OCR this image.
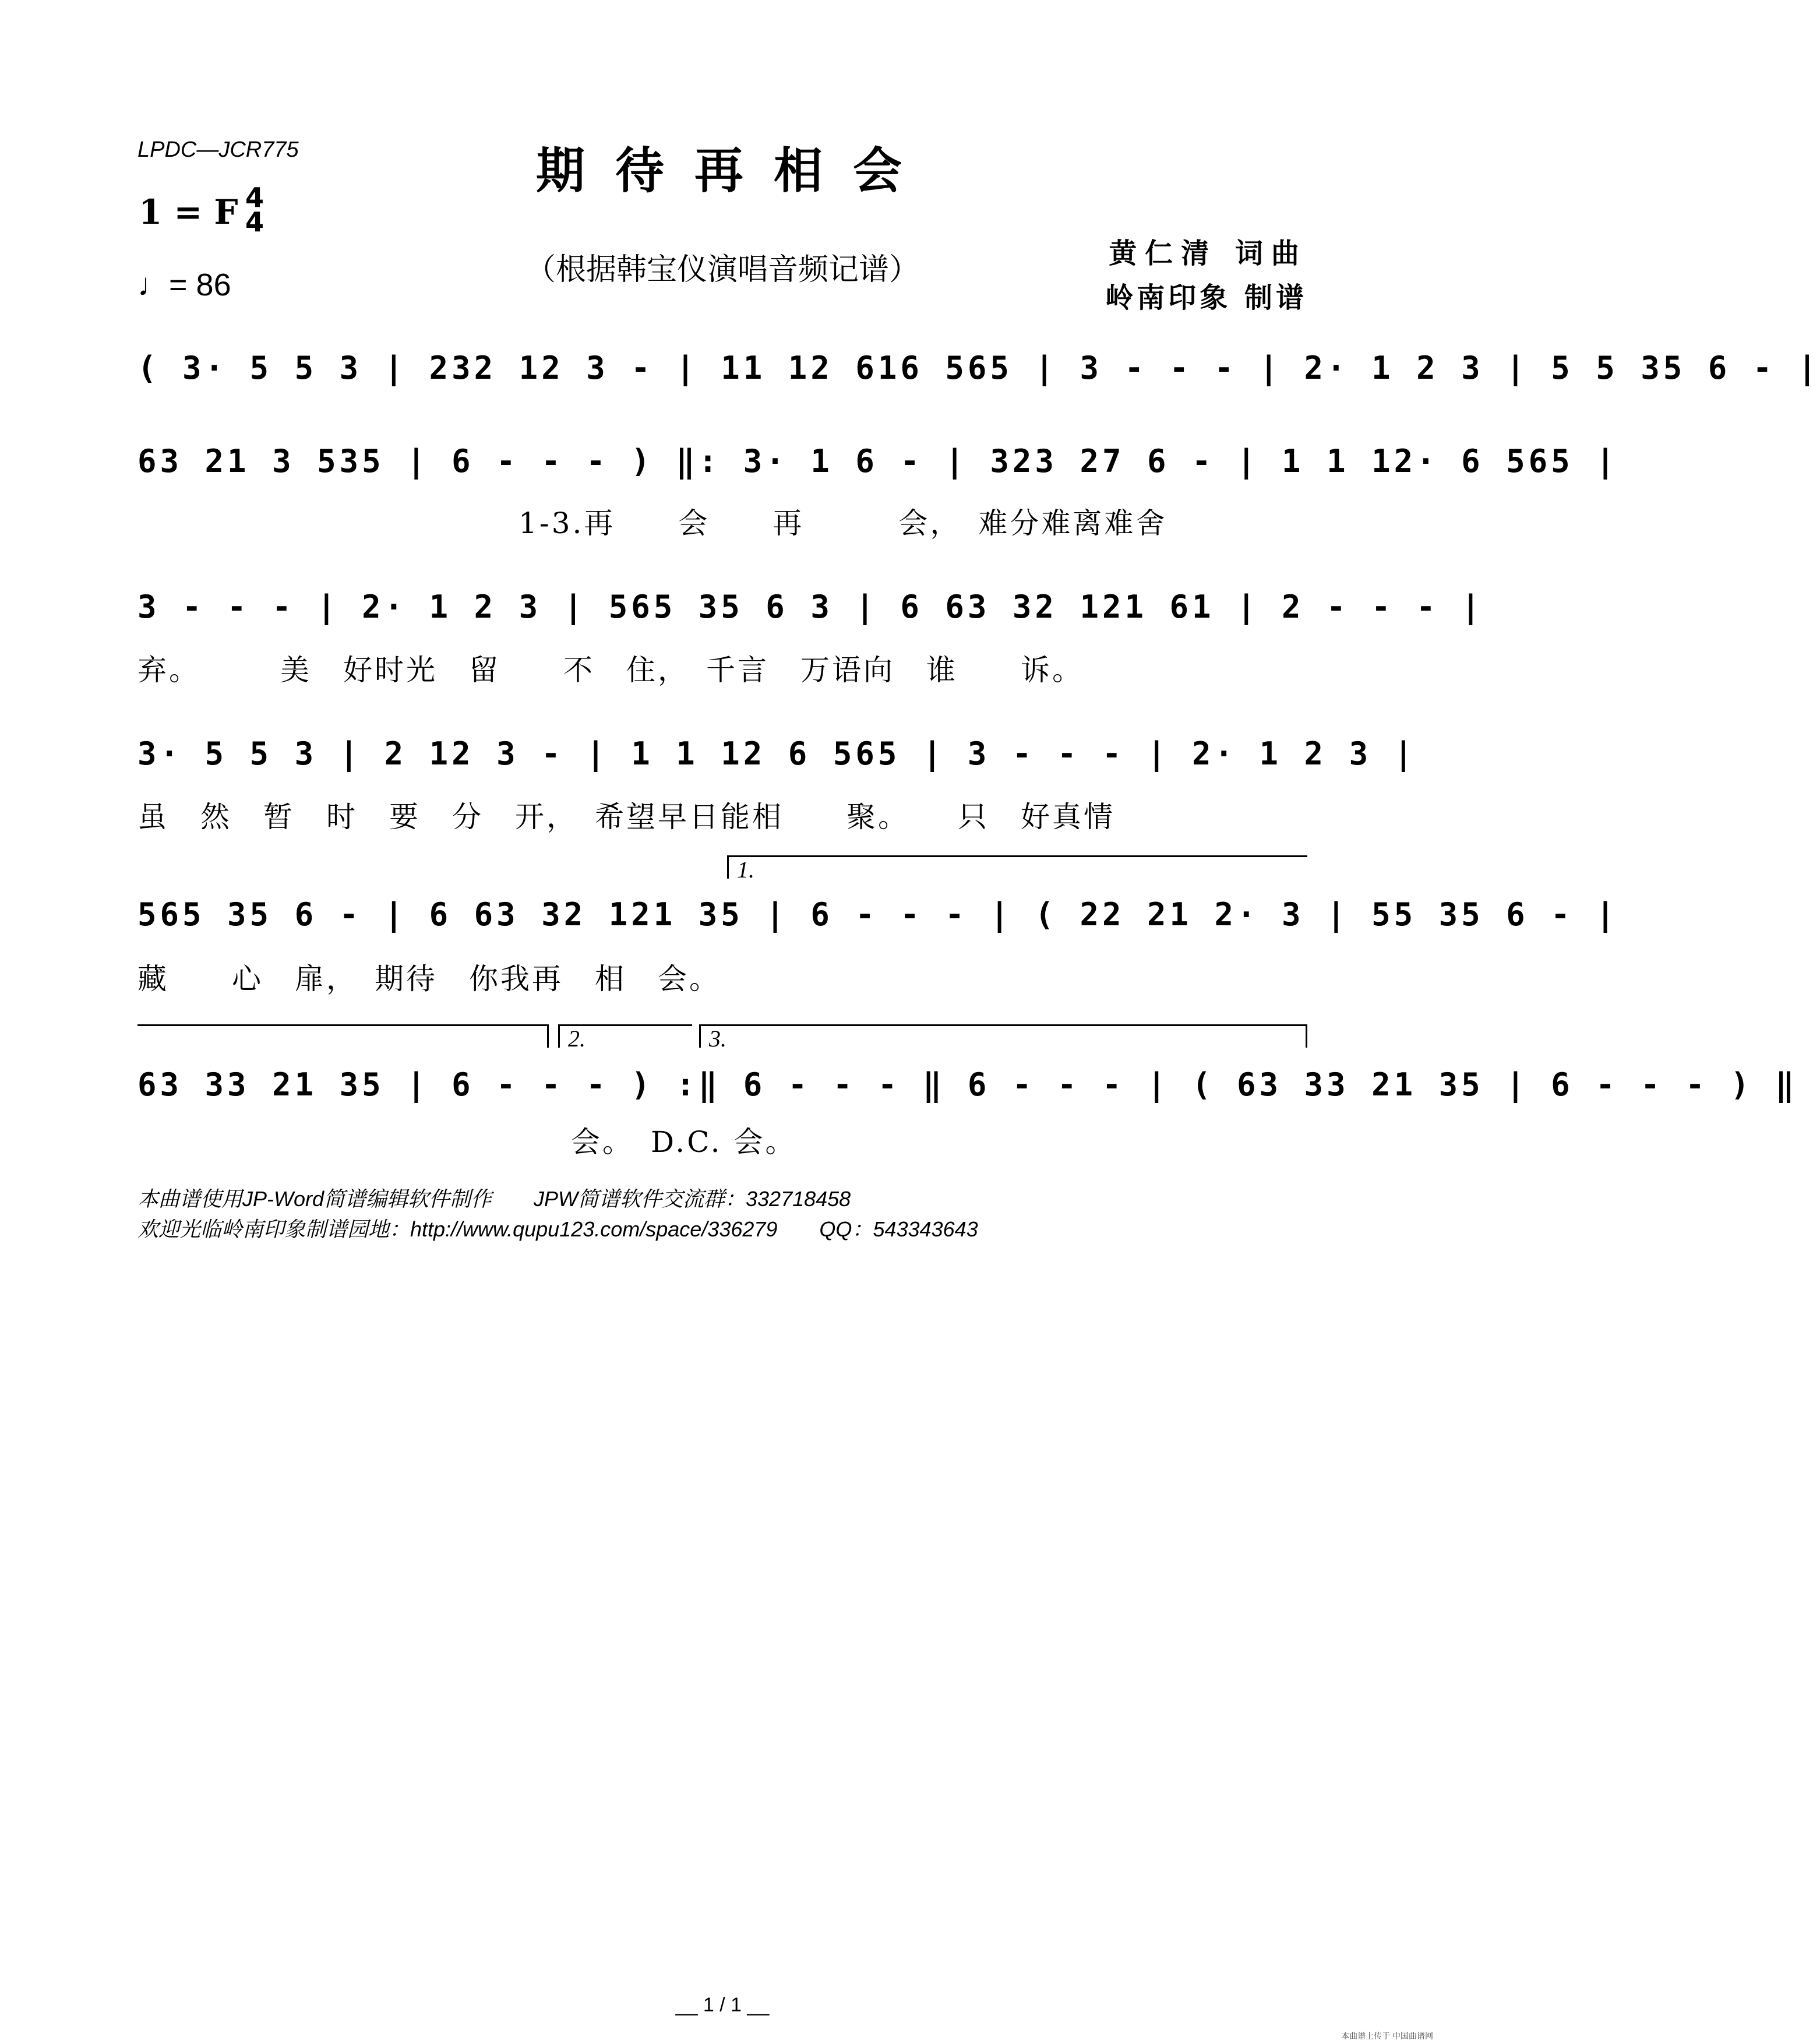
LPDC—JCR775	期待再相会
（根据韩宝仪演唱音频记谱）
1 = F 4
4
♩= 86
黄仁清 词曲
岭南印象 制谱
( 3· 5 5 3 | 232 12 3 - | 11 12 616 565 | 3 - - - | 2· 1 2 3 | 5 5 35 6 - |
63 21 3 535 | 6 - - - ) ‖: 3· 1 6 - | 323 27 6 - | 1 1 12· 6 565 |
1-3.再　　会　　再　　　会，　难分难离难舍
3 - - - | 2· 1 2 3 | 565 35 6 3 | 6 63 32 121 61 | 2 - - - |
弃。　　　美　好时光　留　　不　住，　千言　万语向　谁　　诉。
3· 5 5 3 | 2 12 3 - | 1 1 12 6 565 | 3 - - - | 2· 1 2 3 |
虽　然　暂　时　要　分　开，　希望早日能相　　聚。　　只　好真情
1.
565 35 6 - | 6 63 32 121 35 | 6 - - - | ( 22 21 2· 3 | 55 35 6 - |
藏　　心　扉，　期待　你我再　相　会。
2.	3.
63 33 21 35 | 6 - - - ) :‖ 6 - - - ‖ 6 - - - | ( 63 33 21 35 | 6 - - - ) ‖
会。　D.C. 会。
本曲谱使用JP-Word简谱编辑软件制作　　JPW简谱软件交流群：332718458
欢迎光临岭南印象制谱园地：http://www.qupu123.com/space/336279　　QQ：543343643
__ 1 / 1 __
本曲谱上传于 中国曲谱网
